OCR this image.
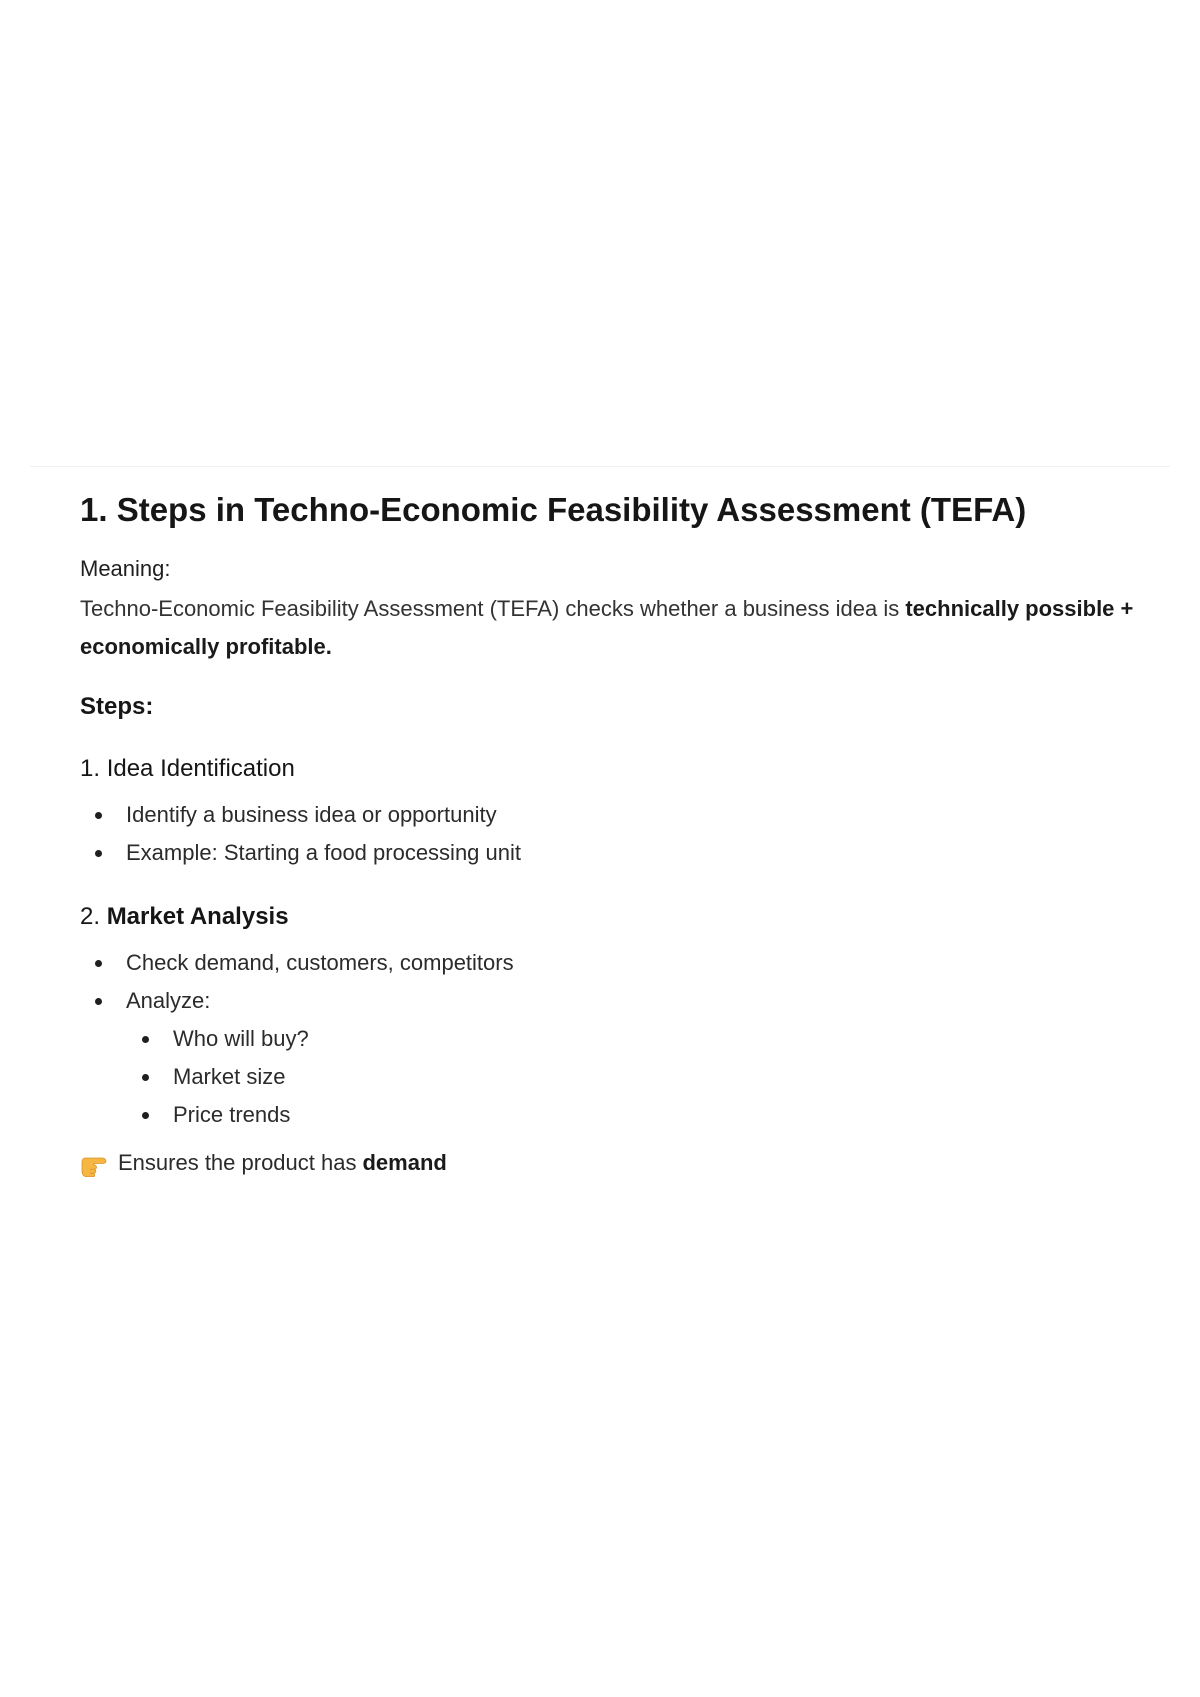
1. Steps in Techno-Economic Feasibility Assessment (TEFA)

Meaning:

Techno-Economic Feasibility Assessment (TEFA) checks whether a business idea is technically possible + economically profitable.

Steps:
1. Idea Identification
Identify a business idea or opportunity
Example: Starting a food processing unit
2. Market Analysis
Check demand, customers, competitors
Analyze:
Who will buy?
Market size
Price trends

Ensures the product has demand
